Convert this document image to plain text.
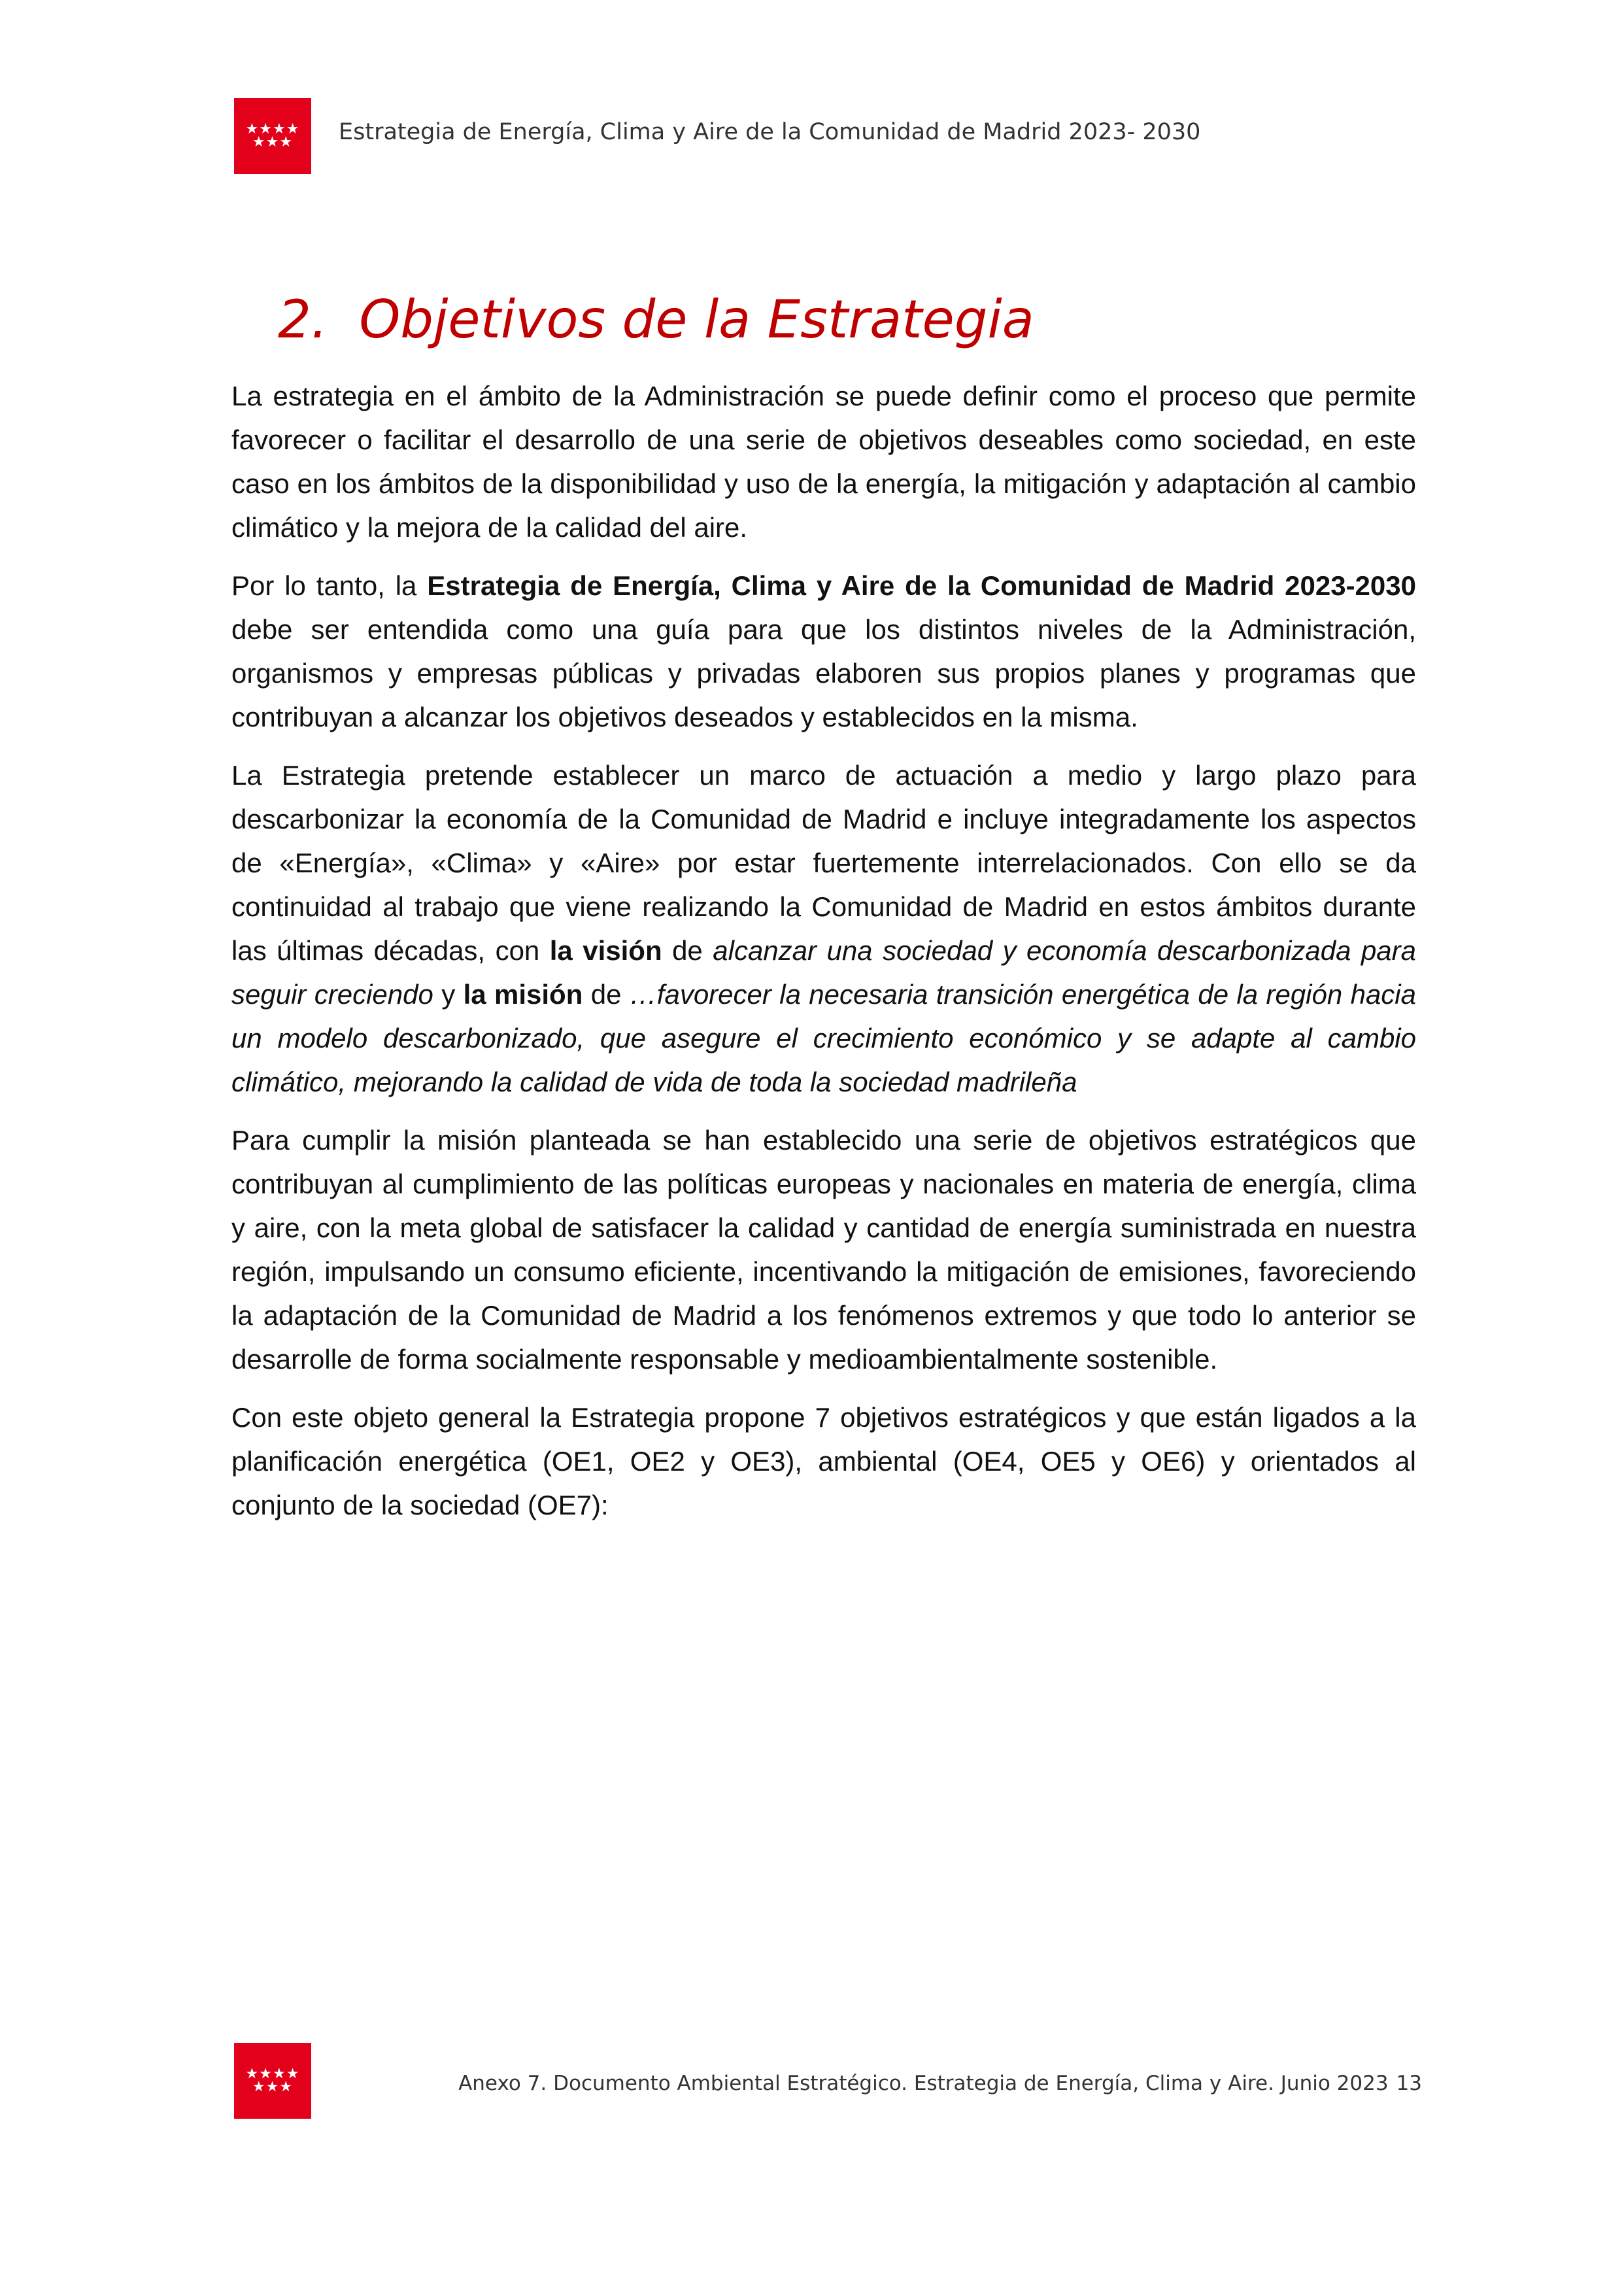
★★★★
★★★ Estrategia de Energía, Clima y Aire de la Comunidad de Madrid 2023- 2030
2. Objetivos de la Estrategia

La estrategia en el ámbito de la Administración se puede definir como el proceso que permite favorecer o facilitar el desarrollo de una serie de objetivos deseables como sociedad, en este caso en los ámbitos de la disponibilidad y uso de la energía, la mitigación y adaptación al cambio climático y la mejora de la calidad del aire.

Por lo tanto, la Estrategia de Energía, Clima y Aire de la Comunidad de Madrid 2023-2030 debe ser entendida como una guía para que los distintos niveles de la Administración, organismos y empresas públicas y privadas elaboren sus propios planes y programas que contribuyan a alcanzar los objetivos deseados y establecidos en la misma.

La Estrategia pretende establecer un marco de actuación a medio y largo plazo para descarbonizar la economía de la Comunidad de Madrid e incluye integradamente los aspectos de «Energía», «Clima» y «Aire» por estar fuertemente interrelacionados. Con ello se da continuidad al trabajo que viene realizando la Comunidad de Madrid en estos ámbitos durante las últimas décadas, con la visión de alcanzar una sociedad y economía descarbonizada para seguir creciendo y la misión de …favorecer la necesaria transición energética de la región hacia un modelo descarbonizado, que asegure el crecimiento económico y se adapte al cambio climático, mejorando la calidad de vida de toda la sociedad madrileña

Para cumplir la misión planteada se han establecido una serie de objetivos estratégicos que contribuyan al cumplimiento de las políticas europeas y nacionales en materia de energía, clima y aire, con la meta global de satisfacer la calidad y cantidad de energía suministrada en nuestra región, impulsando un consumo eficiente, incentivando la mitigación de emisiones, favoreciendo la adaptación de la Comunidad de Madrid a los fenómenos extremos y que todo lo anterior se desarrolle de forma socialmente responsable y medioambientalmente sostenible.

Con este objeto general la Estrategia propone 7 objetivos estratégicos y que están ligados a la planificación energética (OE1, OE2 y OE3), ambiental (OE4, OE5 y OE6) y orientados al conjunto de la sociedad (OE7):

★★★★
★★★	Anexo 7. Documento Ambiental Estratégico. Estrategia de Energía, Clima y Aire. Junio 2023 13
